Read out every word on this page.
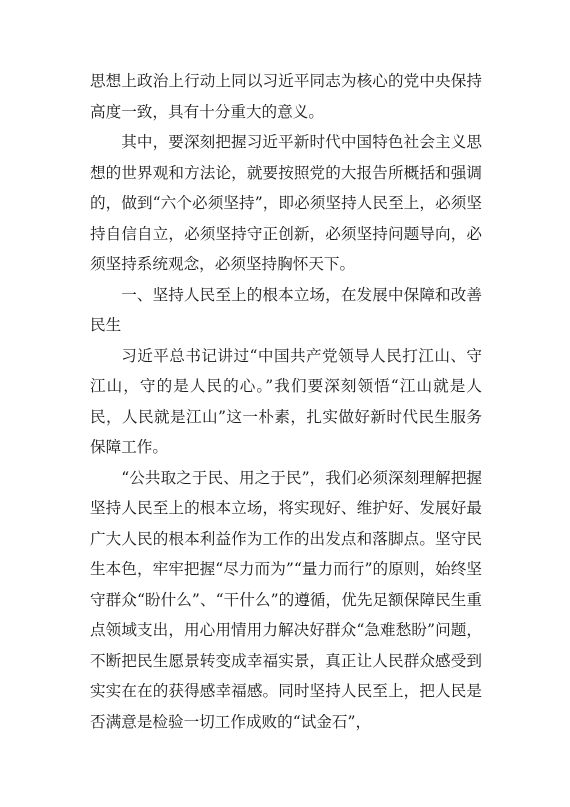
思想上政治上行动上同以习近平同志为核心的党中央保持高度一致，具有十分重大的意义。

其中，要深刻把握习近平新时代中国特色社会主义思想的世界观和方法论，就要按照党的大报告所概括和强调的，做到“六个必须坚持”，即必须坚持人民至上，必须坚持自信自立，必须坚持守正创新，必须坚持问题导向，必须坚持系统观念，必须坚持胸怀天下。

一、坚持人民至上的根本立场，在发展中保障和改善民生

习近平总书记讲过“中国共产党领导人民打江山、守江山，守的是人民的心。”我们要深刻领悟“江山就是人民，人民就是江山”这一朴素，扎实做好新时代民生服务保障工作。

“公共取之于民、用之于民”，我们必须深刻理解把握坚持人民至上的根本立场，将实现好、维护好、发展好最广大人民的根本利益作为工作的出发点和落脚点。坚守民生本色，牢牢把握“尽力而为”“量力而行”的原则，始终坚守群众“盼什么”、“干什么”的遵循，优先足额保障民生重点领域支出，用心用情用力解决好群众“急难愁盼”问题，不断把民生愿景转变成幸福实景，真正让人民群众感受到实实在在的获得感幸福感。同时坚持人民至上，把人民是否满意是检验一切工作成败的“试金石”，
